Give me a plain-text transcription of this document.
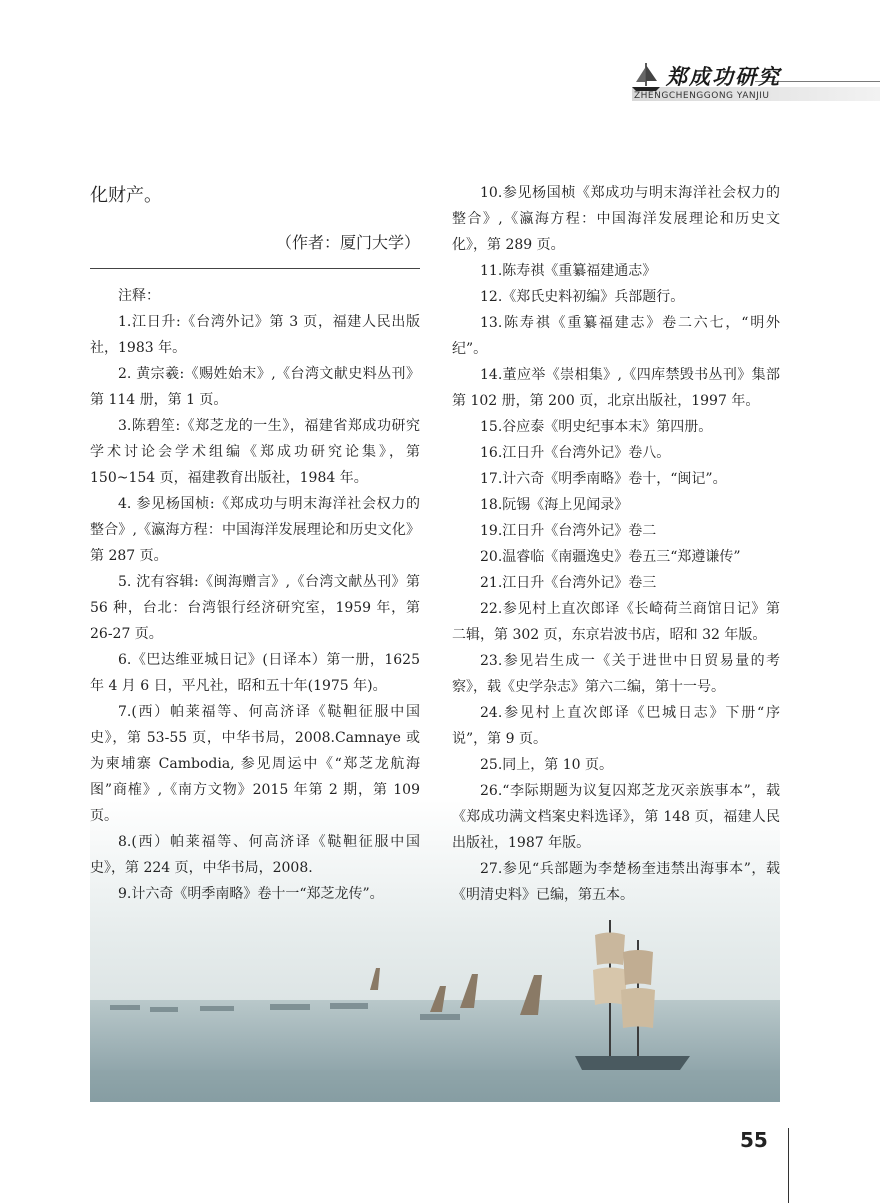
郑成功研究
ZHENGCHENGGONG YANJIU

化财产。

（作者：厦门大学）

注释：

1.江日升:《台湾外记》第 3 页，福建人民出版社，1983 年。

2. 黄宗羲:《赐姓始末》,《台湾文献史料丛刊》第 114 册，第 1 页。

3.陈碧笙:《郑芝龙的一生》，福建省郑成功研究学术讨论会学术组编《郑成功研究论集》，第 150~154 页，福建教育出版社，1984 年。

4. 参见杨国桢:《郑成功与明末海洋社会权力的整合》,《瀛海方程：中国海洋发展理论和历史文化》第 287 页。

5. 沈有容辑:《闽海赠言》,《台湾文献丛刊》第 56 种，台北：台湾银行经济研究室，1959 年，第 26-27 页。

6.《巴达维亚城日记》(日译本）第一册，1625 年 4 月 6 日，平凡社，昭和五十年(1975 年)。

7.(西）帕莱福等、何高济译《鞑靼征服中国史》，第 53-55 页，中华书局，2008.Camnaye 或为柬埔寨 Cambodia, 参见周运中《“郑芝龙航海图”商榷》,《南方文物》2015 年第 2 期，第 109 页。

8.(西）帕莱福等、何高济译《鞑靼征服中国史》，第 224 页，中华书局，2008.

9.计六奇《明季南略》卷十一“郑芝龙传”。

10.参见杨国桢《郑成功与明末海洋社会权力的整合》,《瀛海方程：中国海洋发展理论和历史文化》，第 289 页。

11.陈寿祺《重纂福建通志》

12.《郑氏史料初编》兵部题行。

13.陈寿祺《重纂福建志》卷二六七，“明外纪”。

14.董应举《崇相集》,《四库禁毁书丛刊》集部第 102 册，第 200 页，北京出版社，1997 年。

15.谷应泰《明史纪事本末》第四册。

16.江日升《台湾外记》卷八。

17.计六奇《明季南略》卷十，“闽记”。

18.阮锡《海上见闻录》

19.江日升《台湾外记》卷二

20.温睿临《南疆逸史》卷五三“郑遵谦传”

21.江日升《台湾外记》卷三

22.参见村上直次郎译《长崎荷兰商馆日记》第二辑，第 302 页，东京岩波书店，昭和 32 年版。

23.参见岩生成一《关于进世中日贸易量的考察》，载《史学杂志》第六二编，第十一号。

24.参见村上直次郎译《巴城日志》下册“序说”，第 9 页。

25.同上，第 10 页。

26.“李际期题为议复囚郑芝龙灭亲族事本”，载《郑成功满文档案史料选译》，第 148 页，福建人民出版社，1987 年版。

27.参见“兵部题为李楚杨奎违禁出海事本”，载《明清史料》已编，第五本。

55
